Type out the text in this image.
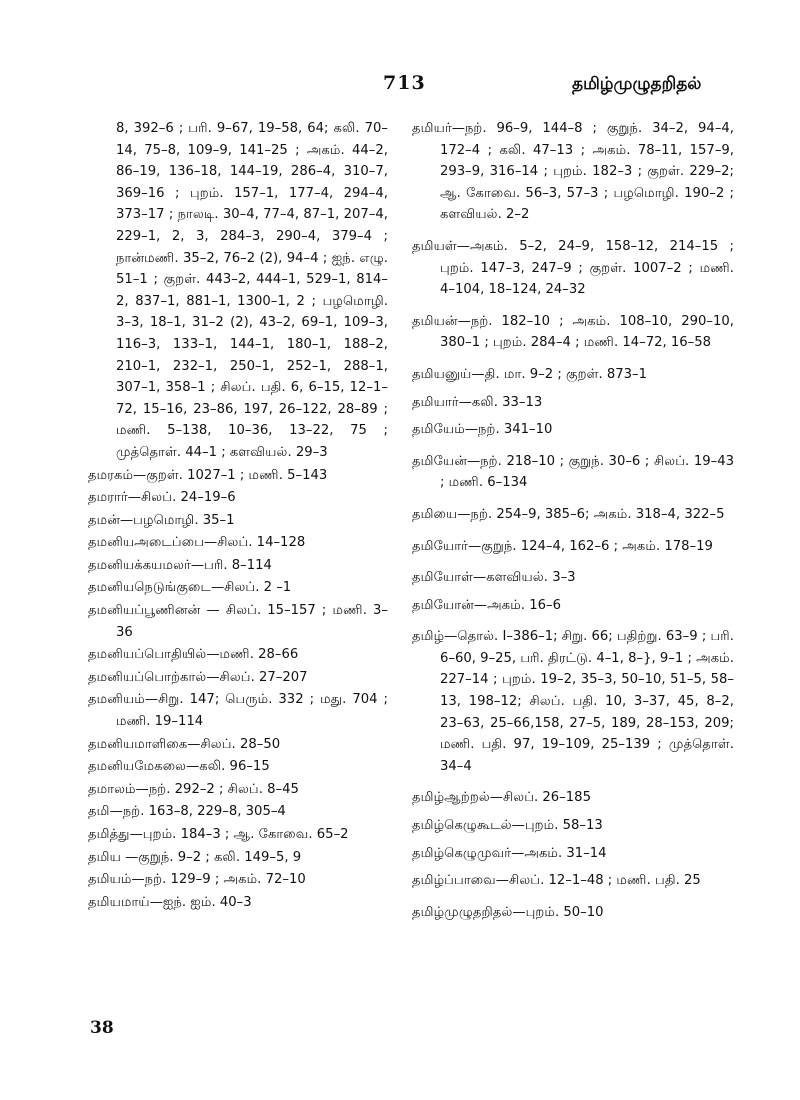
713	தமிழ்முழுதறிதல்
8, 392–6 ; பரி. 9–67, 19–58, 64; கலி. 70–14, 75–8, 109–9, 141–25 ; அகம். 44–2, 86–19, 136–18, 144–19, 286–4, 310–7, 369–16 ; புறம். 157–1, 177–4, 294–4, 373–17 ; நாலடி. 30–4, 77–4, 87–1, 207–4, 229–1, 2, 3, 284–3, 290–4, 379–4 ; நான்மணி. 35–2, 76–2 (2), 94–4 ; ஐந். எழு. 51–1 ; குறள். 443–2, 444–1, 529–1, 814–2, 837–1, 881–1, 1300–1, 2 ; பழமொழி. 3–3, 18–1, 31–2 (2), 43–2, 69–1, 109–3, 116–3, 133–1, 144–1, 180–1, 188–2, 210–1, 232–1, 250–1, 252–1, 288–1, 307–1, 358–1 ; சிலப். பதி. 6, 6–15, 12–1–72, 15–16, 23–86, 197, 26–122, 28–89 ; மணி. 5–138, 10–36, 13–22, 75 ; முத்தொள். 44–1 ; களவியல். 29–3
தமரகம்—குறள். 1027–1 ; மணி. 5–143
தமரார்—சிலப். 24–19–6
தமன்—பழமொழி. 35–1
தமனியஅடைப்பை—சிலப். 14–128
தமனியக்கயமலர்—பரி. 8–114
தமனியநெடுங்குடை—சிலப். 2 –1
தமனியப்பூணினன் — சிலப். 15–157 ; மணி. 3–36
தமனியப்பொதியில்—மணி. 28–66
தமனியப்பொற்கால்—சிலப். 27–207
தமனியம்—சிறு. 147; பெரும். 332 ; மது. 704 ; மணி. 19–114
தமனியமாளிகை—சிலப். 28–50
தமனியமேகலை—கலி. 96–15
தமாலம்—நற். 292–2 ; சிலப். 8–45
தமி—நற். 163–8, 229–8, 305–4
தமித்து—புறம். 184–3 ; ஆ. கோவை. 65–2
தமிய —குறுந். 9–2 ; கலி. 149–5, 9
தமியம்—நற். 129–9 ; அகம். 72–10
தமியமாய்—ஐந். ஐம். 40–3
தமியர்—நற். 96–9, 144–8 ; குறுந். 34–2, 94–4, 172–4 ; கலி. 47–13 ; அகம். 78–11, 157–9, 293–9, 316–14 ; புறம். 182–3 ; குறள். 229–2; ஆ. கோவை. 56–3, 57–3 ; பழமொழி. 190–2 ; களவியல். 2–2
தமியள்—அகம். 5–2, 24–9, 158–12, 214–15 ; புறம். 147–3, 247–9 ; குறள். 1007–2 ; மணி. 4–104, 18–124, 24–32
தமியன்—நற். 182–10 ; அகம். 108–10, 290–10, 380–1 ; புறம். 284–4 ; மணி. 14–72, 16–58
தமியனுய்—தி. மா. 9–2 ; குறள். 873–1
தமியார்—கலி. 33–13
தமியேம்—நற். 341–10
தமியேன்—நற். 218–10 ; குறுந். 30–6 ; சிலப். 19–43 ; மணி. 6–134
தமியை—நற். 254–9, 385–6; அகம். 318–4, 322–5
தமியோர்—குறுந். 124–4, 162–6 ; அகம். 178–19
தமியோள்—களவியல். 3–3
தமியோன்—அகம். 16–6
தமிழ்—தொல். I–386–1; சிறு. 66; பதிற்று. 63–9 ; பரி. 6–60, 9–25, பரி. திரட்டு. 4–1, 8–}, 9–1 ; அகம். 227–14 ; புறம். 19–2, 35–3, 50–10, 51–5, 58–13, 198–12; சிலப். பதி. 10, 3–37, 45, 8–2, 23–63, 25–66,158, 27–5, 189, 28–153, 209; மணி. பதி. 97, 19–109, 25–139 ; முத்தொள். 34–4
தமிழ்ஆற்றல்—சிலப். 26–185
தமிழ்கெழுகூடல்—புறம். 58–13
தமிழ்கெழுமுவர்—அகம். 31–14
தமிழ்ப்பாவை—சிலப். 12–1–48 ; மணி. பதி. 25
தமிழ்முழுதறிதல்—புறம். 50–10
38
